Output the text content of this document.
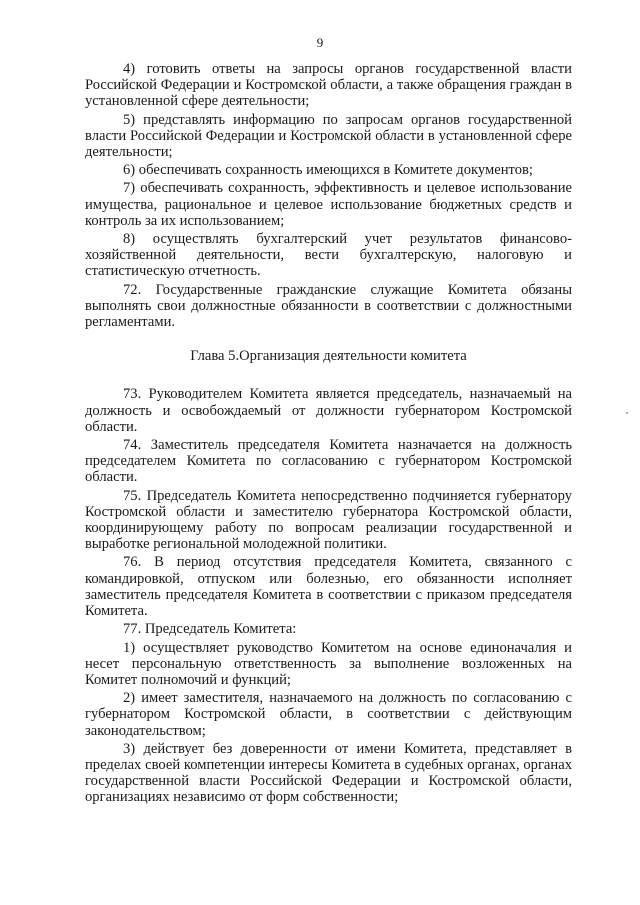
9

4) готовить ответы на запросы органов государственной власти Российской Федерации и Костромской области, а также обращения граждан в установленной сфере деятельности;

5) представлять информацию по запросам органов государственной власти Российской Федерации и Костромской области в установленной сфере деятельности;

6) обеспечивать сохранность имеющихся в Комитете документов;

7) обеспечивать сохранность, эффективность и целевое использование имущества, рациональное и целевое использование бюджетных средств и контроль за их использованием;

8) осуществлять бухгалтерский учет результатов финансово-хозяйственной деятельности, вести бухгалтерскую, налоговую и статистическую отчетность.

72. Государственные гражданские служащие Комитета обязаны выполнять свои должностные обязанности в соответствии с должностными регламентами.

Глава 5.Организация деятельности комитета

73. Руководителем Комитета является председатель, назначаемый на должность и освобождаемый от должности губернатором Костромской области.

74. Заместитель председателя Комитета назначается на должность председателем Комитета по согласованию с губернатором Костромской области.

75. Председатель Комитета непосредственно подчиняется губернатору Костромской области и заместителю губернатора Костромской области, координирующему работу по вопросам реализации государственной и выработке региональной молодежной политики.

76. В период отсутствия председателя Комитета, связанного с командировкой, отпуском или болезнью, его обязанности исполняет заместитель председателя Комитета в соответствии с приказом председателя Комитета.

77. Председатель Комитета:

1) осуществляет руководство Комитетом на основе единоначалия и несет персональную ответственность за выполнение возложенных на Комитет полномочий и функций;

2) имеет заместителя, назначаемого на должность по согласованию с губернатором Костромской области, в соответствии с действующим законодательством;

3) действует без доверенности от имени Комитета, представляет в пределах своей компетенции интересы Комитета в судебных органах, органах государственной власти Российской Федерации и Костромской области, организациях независимо от форм собственности;
